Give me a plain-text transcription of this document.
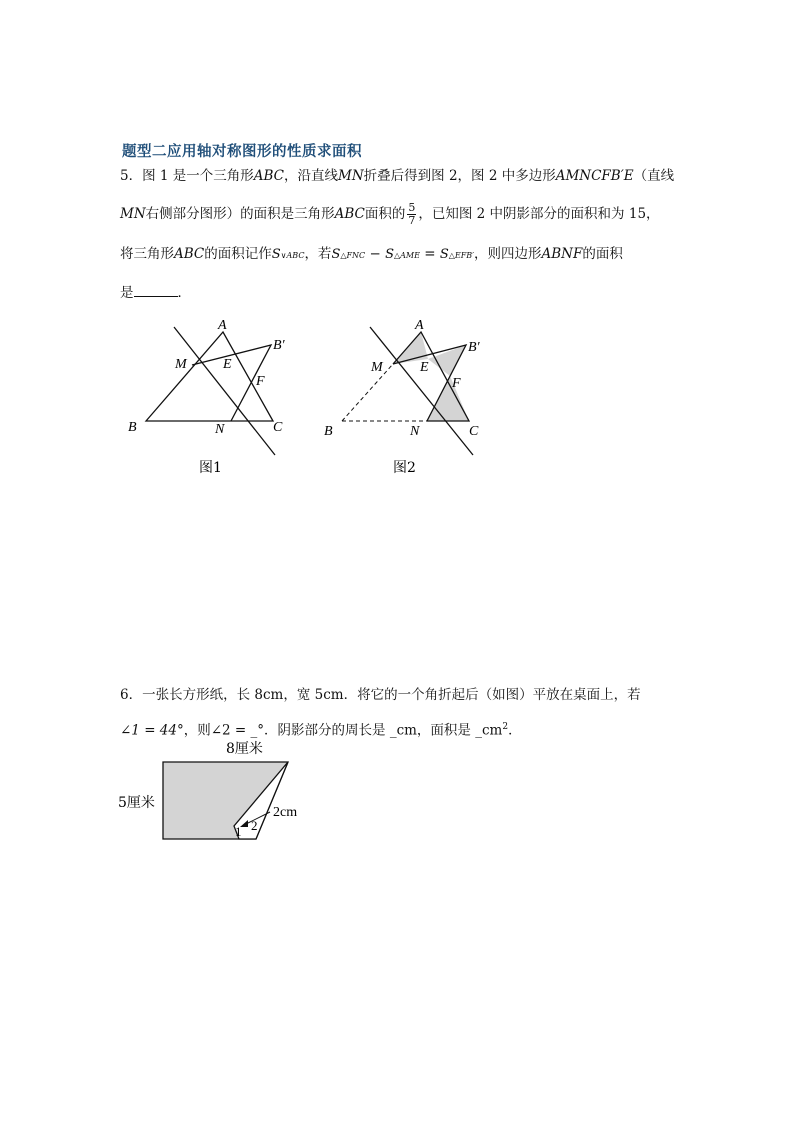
题型二应用轴对称图形的性质求面积
5．图 1 是一个三角形ABC，沿直线MN折叠后得到图 2，图 2 中多边形AMNCFB′E（直线
MN右侧部分图形）的面积是三角形ABC面积的 $\frac{5}{7}$ ，已知图 2 中阴影部分的面积和为 15，
将三角形ABC的面积记作S∨ABC，若S△FNC − S△AME = S△EFB′，则四边形ABNF的面积
是	．
A
B′
M	E
F
B	N	C
图1
A
B′
M	E
F
B	N	C
图2
6．一张长方形纸，长 8cm，宽 5cm．将它的一个角折起后（如图）平放在桌面上，若
∠1 = 44°，则∠2 = _°．阴影部分的周长是 _cm，面积是 $\_cm^2$．
8厘米
5厘米
2cm
1 2
